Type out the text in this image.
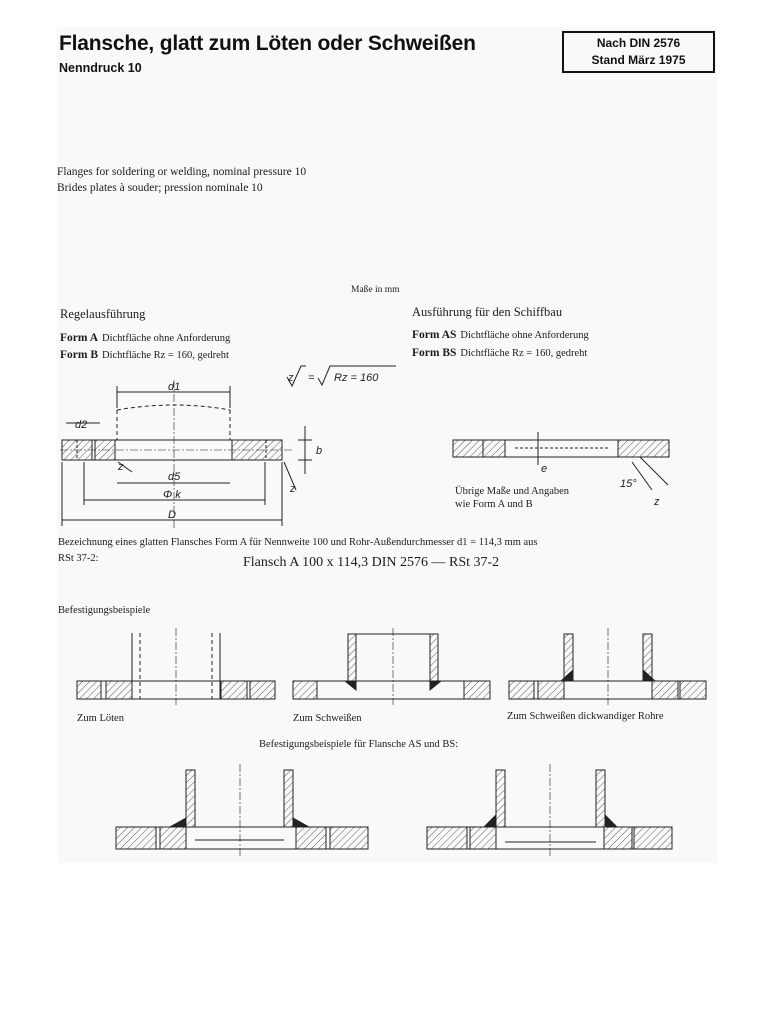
Flansche, glatt zum Löten oder Schweißen
Nenndruck 10
Nach DIN 2576
Stand März 1975
Flanges for soldering or welding, nominal pressure 10
Brides plates à souder; pression nominale 10
Maße in mm
Regelausführung
Form A Dichtfläche ohne Anforderung
Form B Dichtfläche Rz = 160, gedreht
Ausführung für den Schiffbau
Form AS Dichtfläche ohne Anforderung
Form BS Dichtfläche Rz = 160, gedreht
z = Rz = 160
d1
d2
d5
Φ k
D
b
z
z	15°
e
z
Übrige Maße und Angaben
wie Form A und B
Bezeichnung eines glatten Flansches Form A für Nennweite 100 und Rohr-Außendurchmesser d1 = 114,3 mm aus
RSt 37-2:	Flansch A 100 x 114,3 DIN 2576 — RSt 37-2
Befestigungsbeispiele
Zum Löten	Zum Schweißen	Zum Schweißen dickwandiger Rohre
Befestigungsbeispiele für Flansche AS und BS:
